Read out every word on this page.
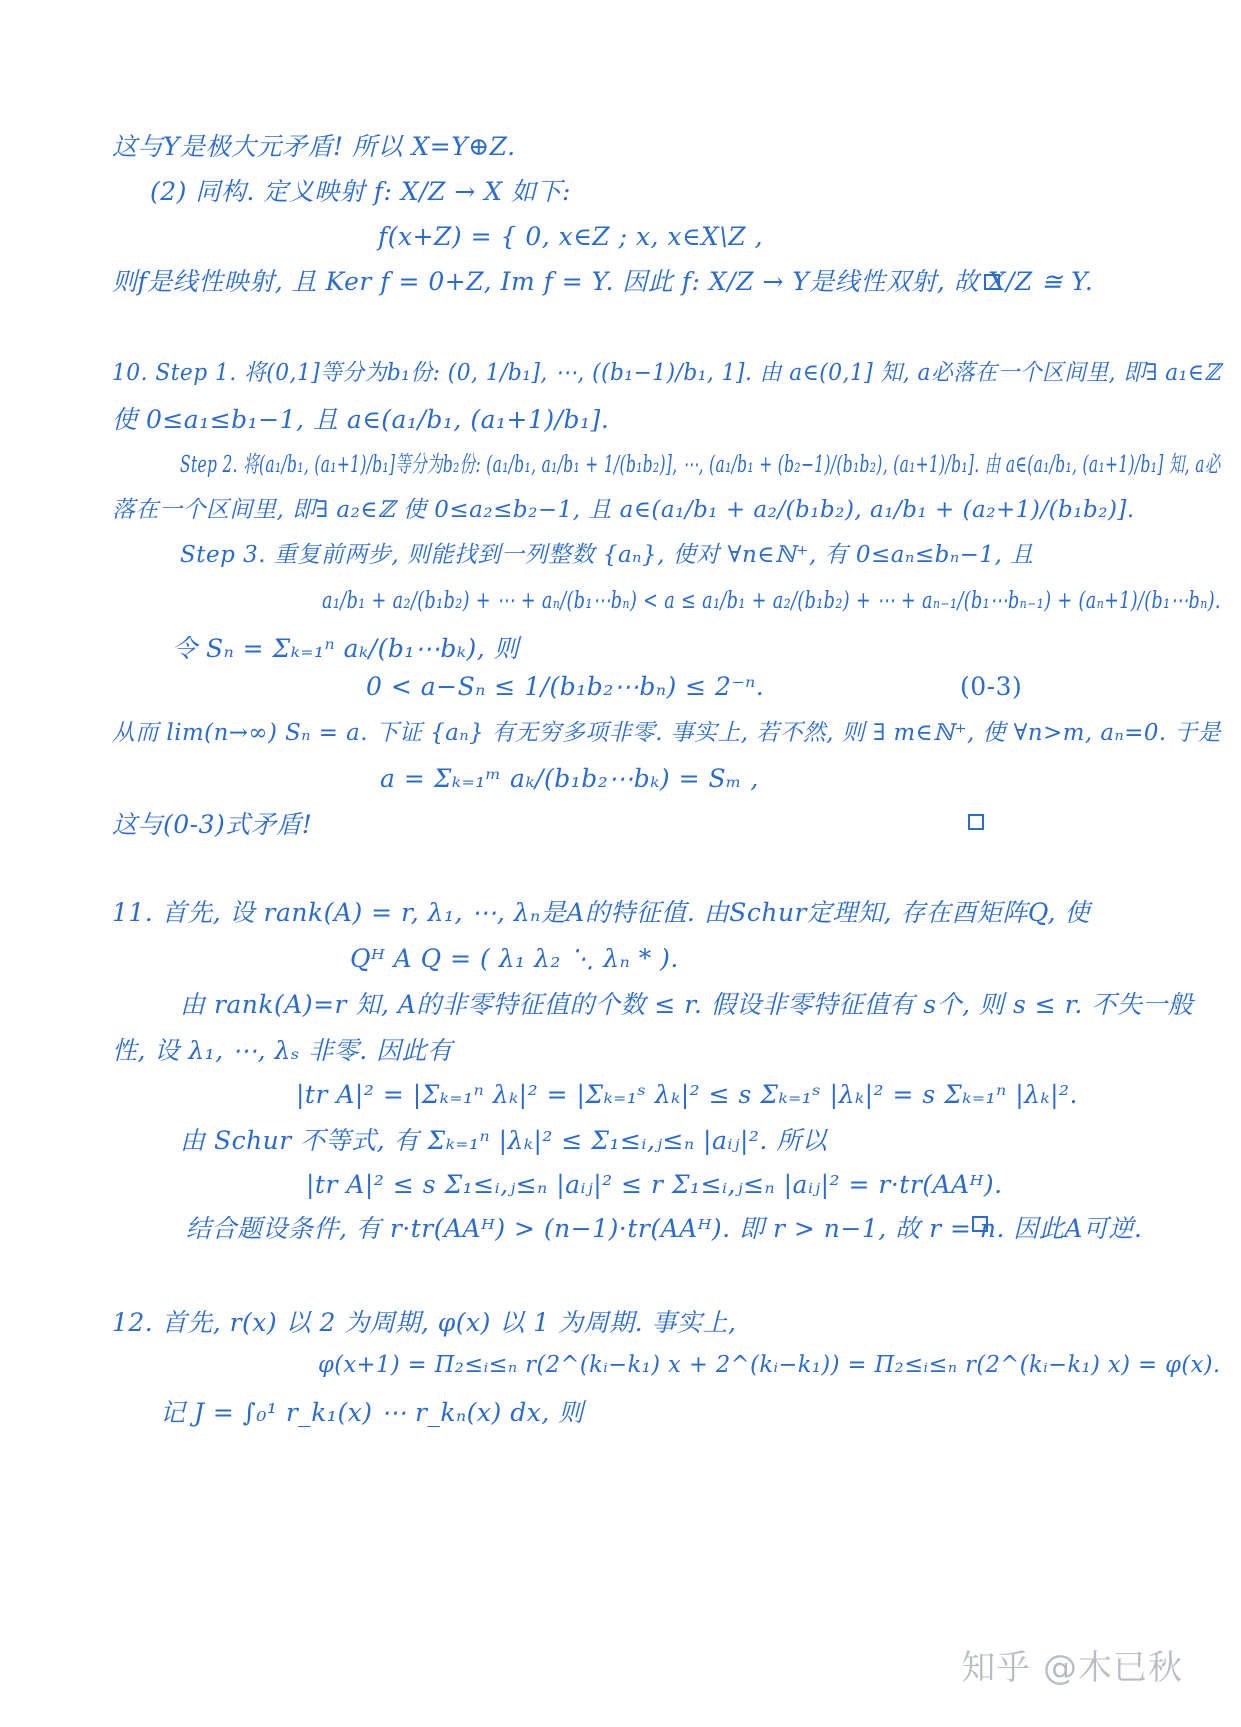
这与Y是极大元矛盾! 所以 X=Y⊕Z.
(2) 同构. 定义映射 f: X/Z → X 如下:
f(x+Z) = { 0, x∈Z ; x, x∈X\Z ,
则f是线性映射, 且 Ker f = 0+Z, Im f = Y. 因此 f: X/Z → Y是线性双射, 故 X/Z ≅ Y.
10. Step 1. 将(0,1]等分为b₁份: (0, 1/b₁], ⋯, ((b₁−1)/b₁, 1]. 由 a∈(0,1] 知, a必落在一个区间里, 即∃ a₁∈ℤ
使 0≤a₁≤b₁−1, 且 a∈(a₁/b₁, (a₁+1)/b₁].
Step 2. 将(a₁/b₁, (a₁+1)/b₁]等分为b₂份: (a₁/b₁, a₁/b₁ + 1/(b₁b₂)], ⋯, (a₁/b₁ + (b₂−1)/(b₁b₂), (a₁+1)/b₁]. 由 a∈(a₁/b₁, (a₁+1)/b₁] 知, a必
落在一个区间里, 即∃ a₂∈ℤ 使 0≤a₂≤b₂−1, 且 a∈(a₁/b₁ + a₂/(b₁b₂), a₁/b₁ + (a₂+1)/(b₁b₂)].
Step 3. 重复前两步, 则能找到一列整数 {aₙ}, 使对 ∀n∈ℕ⁺, 有 0≤aₙ≤bₙ−1, 且
a₁/b₁ + a₂/(b₁b₂) + ⋯ + aₙ/(b₁⋯bₙ) < a ≤ a₁/b₁ + a₂/(b₁b₂) + ⋯ + aₙ₋₁/(b₁⋯bₙ₋₁) + (aₙ+1)/(b₁⋯bₙ).
令 Sₙ = Σₖ₌₁ⁿ aₖ/(b₁⋯bₖ), 则
0 < a−Sₙ ≤ 1/(b₁b₂⋯bₙ) ≤ 2⁻ⁿ.	(0-3)
从而 lim(n→∞) Sₙ = a. 下证 {aₙ} 有无穷多项非零. 事实上, 若不然, 则 ∃ m∈ℕ⁺, 使 ∀n>m, aₙ=0. 于是
a = Σₖ₌₁ᵐ aₖ/(b₁b₂⋯bₖ) = Sₘ ,
这与(0-3)式矛盾!
11. 首先, 设 rank(A) = r, λ₁, ⋯, λₙ是A的特征值. 由Schur定理知, 存在酉矩阵Q, 使
Qᴴ A Q = ( λ₁ λ₂ ⋱ λₙ * ).
由 rank(A)=r 知, A的非零特征值的个数 ≤ r. 假设非零特征值有 s个, 则 s ≤ r. 不失一般
性, 设 λ₁, ⋯, λₛ 非零. 因此有
|tr A|² = |Σₖ₌₁ⁿ λₖ|² = |Σₖ₌₁ˢ λₖ|² ≤ s Σₖ₌₁ˢ |λₖ|² = s Σₖ₌₁ⁿ |λₖ|².
由 Schur 不等式, 有 Σₖ₌₁ⁿ |λₖ|² ≤ Σ₁≤ᵢ,ⱼ≤ₙ |aᵢⱼ|². 所以
|tr A|² ≤ s Σ₁≤ᵢ,ⱼ≤ₙ |aᵢⱼ|² ≤ r Σ₁≤ᵢ,ⱼ≤ₙ |aᵢⱼ|² = r·tr(AAᴴ).
结合题设条件, 有 r·tr(AAᴴ) > (n−1)·tr(AAᴴ). 即 r > n−1, 故 r = n. 因此A可逆.
12. 首先, r(x) 以 2 为周期, φ(x) 以 1 为周期. 事实上,
φ(x+1) = Π₂≤ᵢ≤ₙ r(2^(kᵢ−k₁) x + 2^(kᵢ−k₁)) = Π₂≤ᵢ≤ₙ r(2^(kᵢ−k₁) x) = φ(x).
记 J = ∫₀¹ r_k₁(x) ⋯ r_kₙ(x) dx, 则
知乎 @木已秋
